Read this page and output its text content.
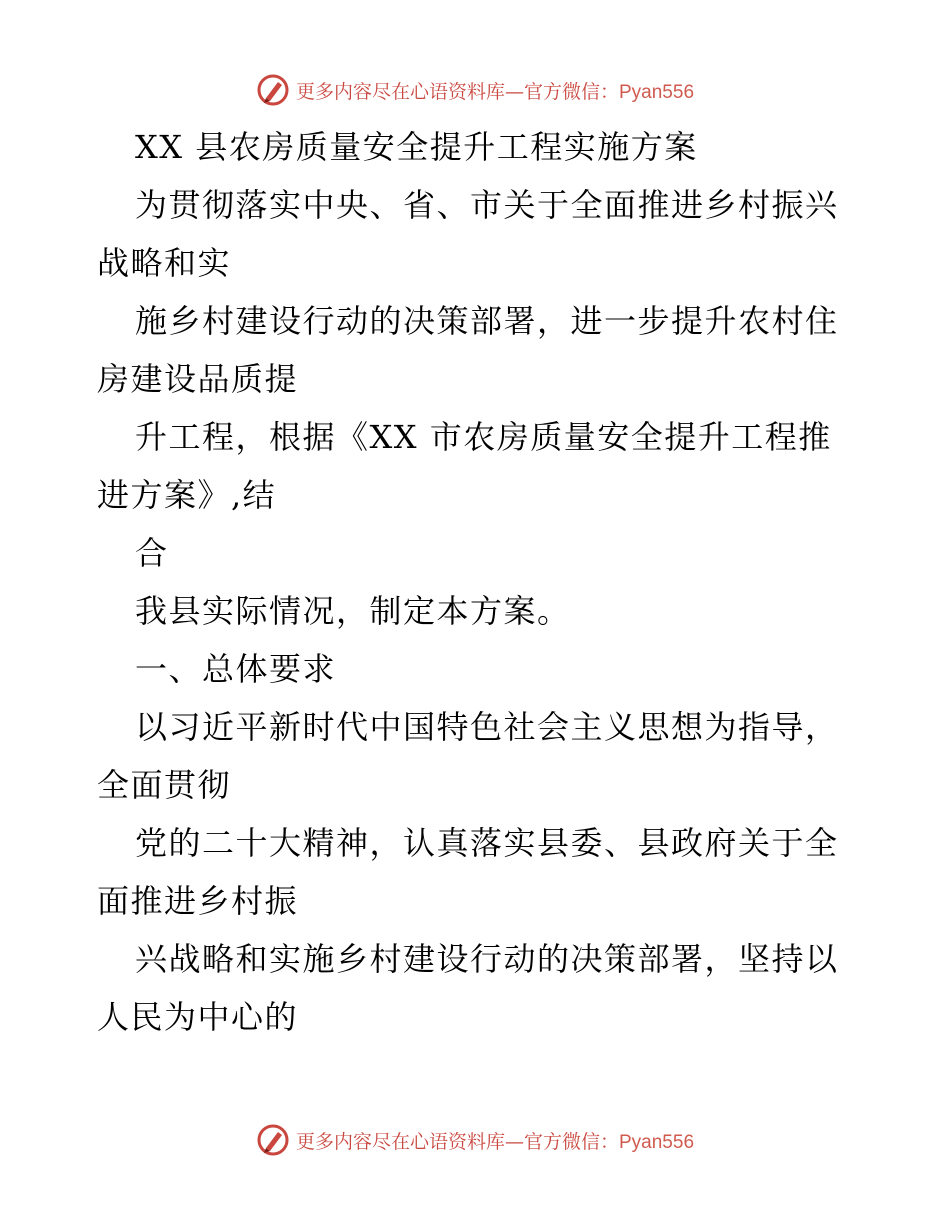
更多内容尽在心语资料库—官方微信：Pyan556
XX 县农房质量安全提升工程实施方案
为贯彻落实中央、省、市关于全面推进乡村振兴
战略和实
施乡村建设行动的决策部署，进一步提升农村住
房建设品质提
升工程，根据《XX 市农房质量安全提升工程推
进方案》,结
合
我县实际情况，制定本方案。
一、总体要求
以习近平新时代中国特色社会主义思想为指导，
全面贯彻
党的二十大精神，认真落实县委、县政府关于全
面推进乡村振
兴战略和实施乡村建设行动的决策部署，坚持以
人民为中心的
更多内容尽在心语资料库—官方微信：Pyan556
